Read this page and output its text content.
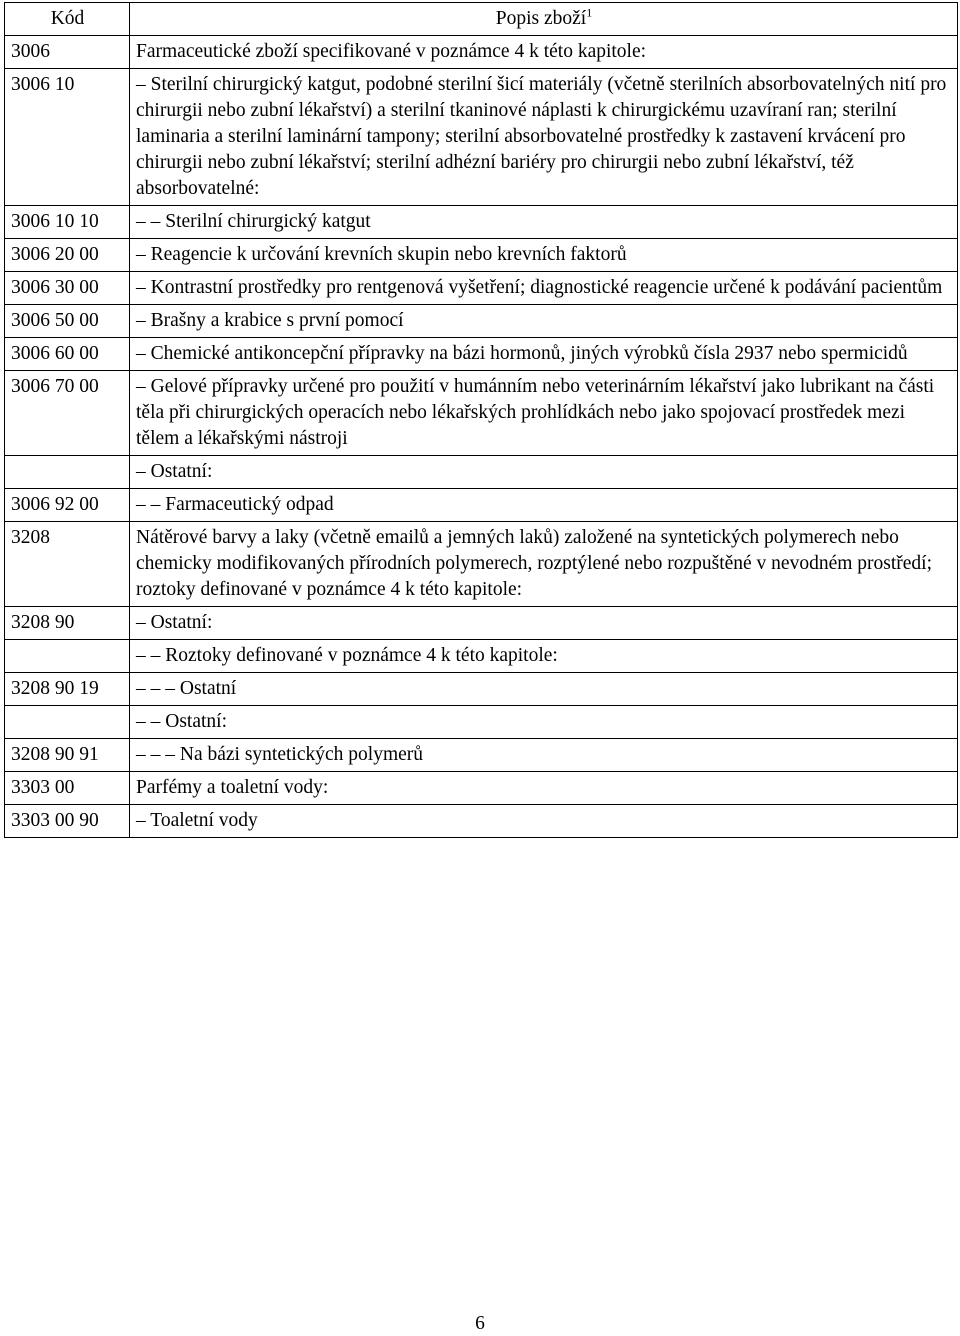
Kód	Popis zboží$^1$
3006	Farmaceutické zboží specifikované v poznámce 4 k této kapitole:
3006 10	– Sterilní chirurgický katgut, podobné sterilní šicí materiály (včetně sterilních absorbovatelných nití pro chirurgii nebo zubní lékařství) a sterilní tkaninové náplasti k chirurgickému uzavíraní ran; sterilní laminaria a sterilní laminární tampony; sterilní absorbovatelné prostředky k zastavení krvácení pro chirurgii nebo zubní lékařství; sterilní adhézní bariéry pro chirurgii nebo zubní lékařství, též absorbovatelné:
3006 10 10	– – Sterilní chirurgický katgut
3006 20 00	– Reagencie k určování krevních skupin nebo krevních faktorů
3006 30 00	– Kontrastní prostředky pro rentgenová vyšetření; diagnostické reagencie určené k podávání pacientům
3006 50 00	– Brašny a krabice s první pomocí
3006 60 00	– Chemické antikoncepční přípravky na bázi hormonů, jiných výrobků čísla 2937 nebo spermicidů
3006 70 00	– Gelové přípravky určené pro použití v humánním nebo veterinárním lékařství jako lubrikant na části těla při chirurgických operacích nebo lékařských prohlídkách nebo jako spojovací prostředek mezi tělem a lékařskými nástroji
	– Ostatní:
3006 92 00	– – Farmaceutický odpad
3208	Nátěrové barvy a laky (včetně emailů a jemných laků) založené na syntetických polymerech nebo chemicky modifikovaných přírodních polymerech, rozptýlené nebo rozpuštěné v nevodném prostředí; roztoky definované v poznámce 4 k této kapitole:
3208 90	– Ostatní:
	– – Roztoky definované v poznámce 4 k této kapitole:
3208 90 19	– – – Ostatní
	– – Ostatní:
3208 90 91	– – – Na bázi syntetických polymerů
3303 00	Parfémy a toaletní vody:
3303 00 90	– Toaletní vody
6
